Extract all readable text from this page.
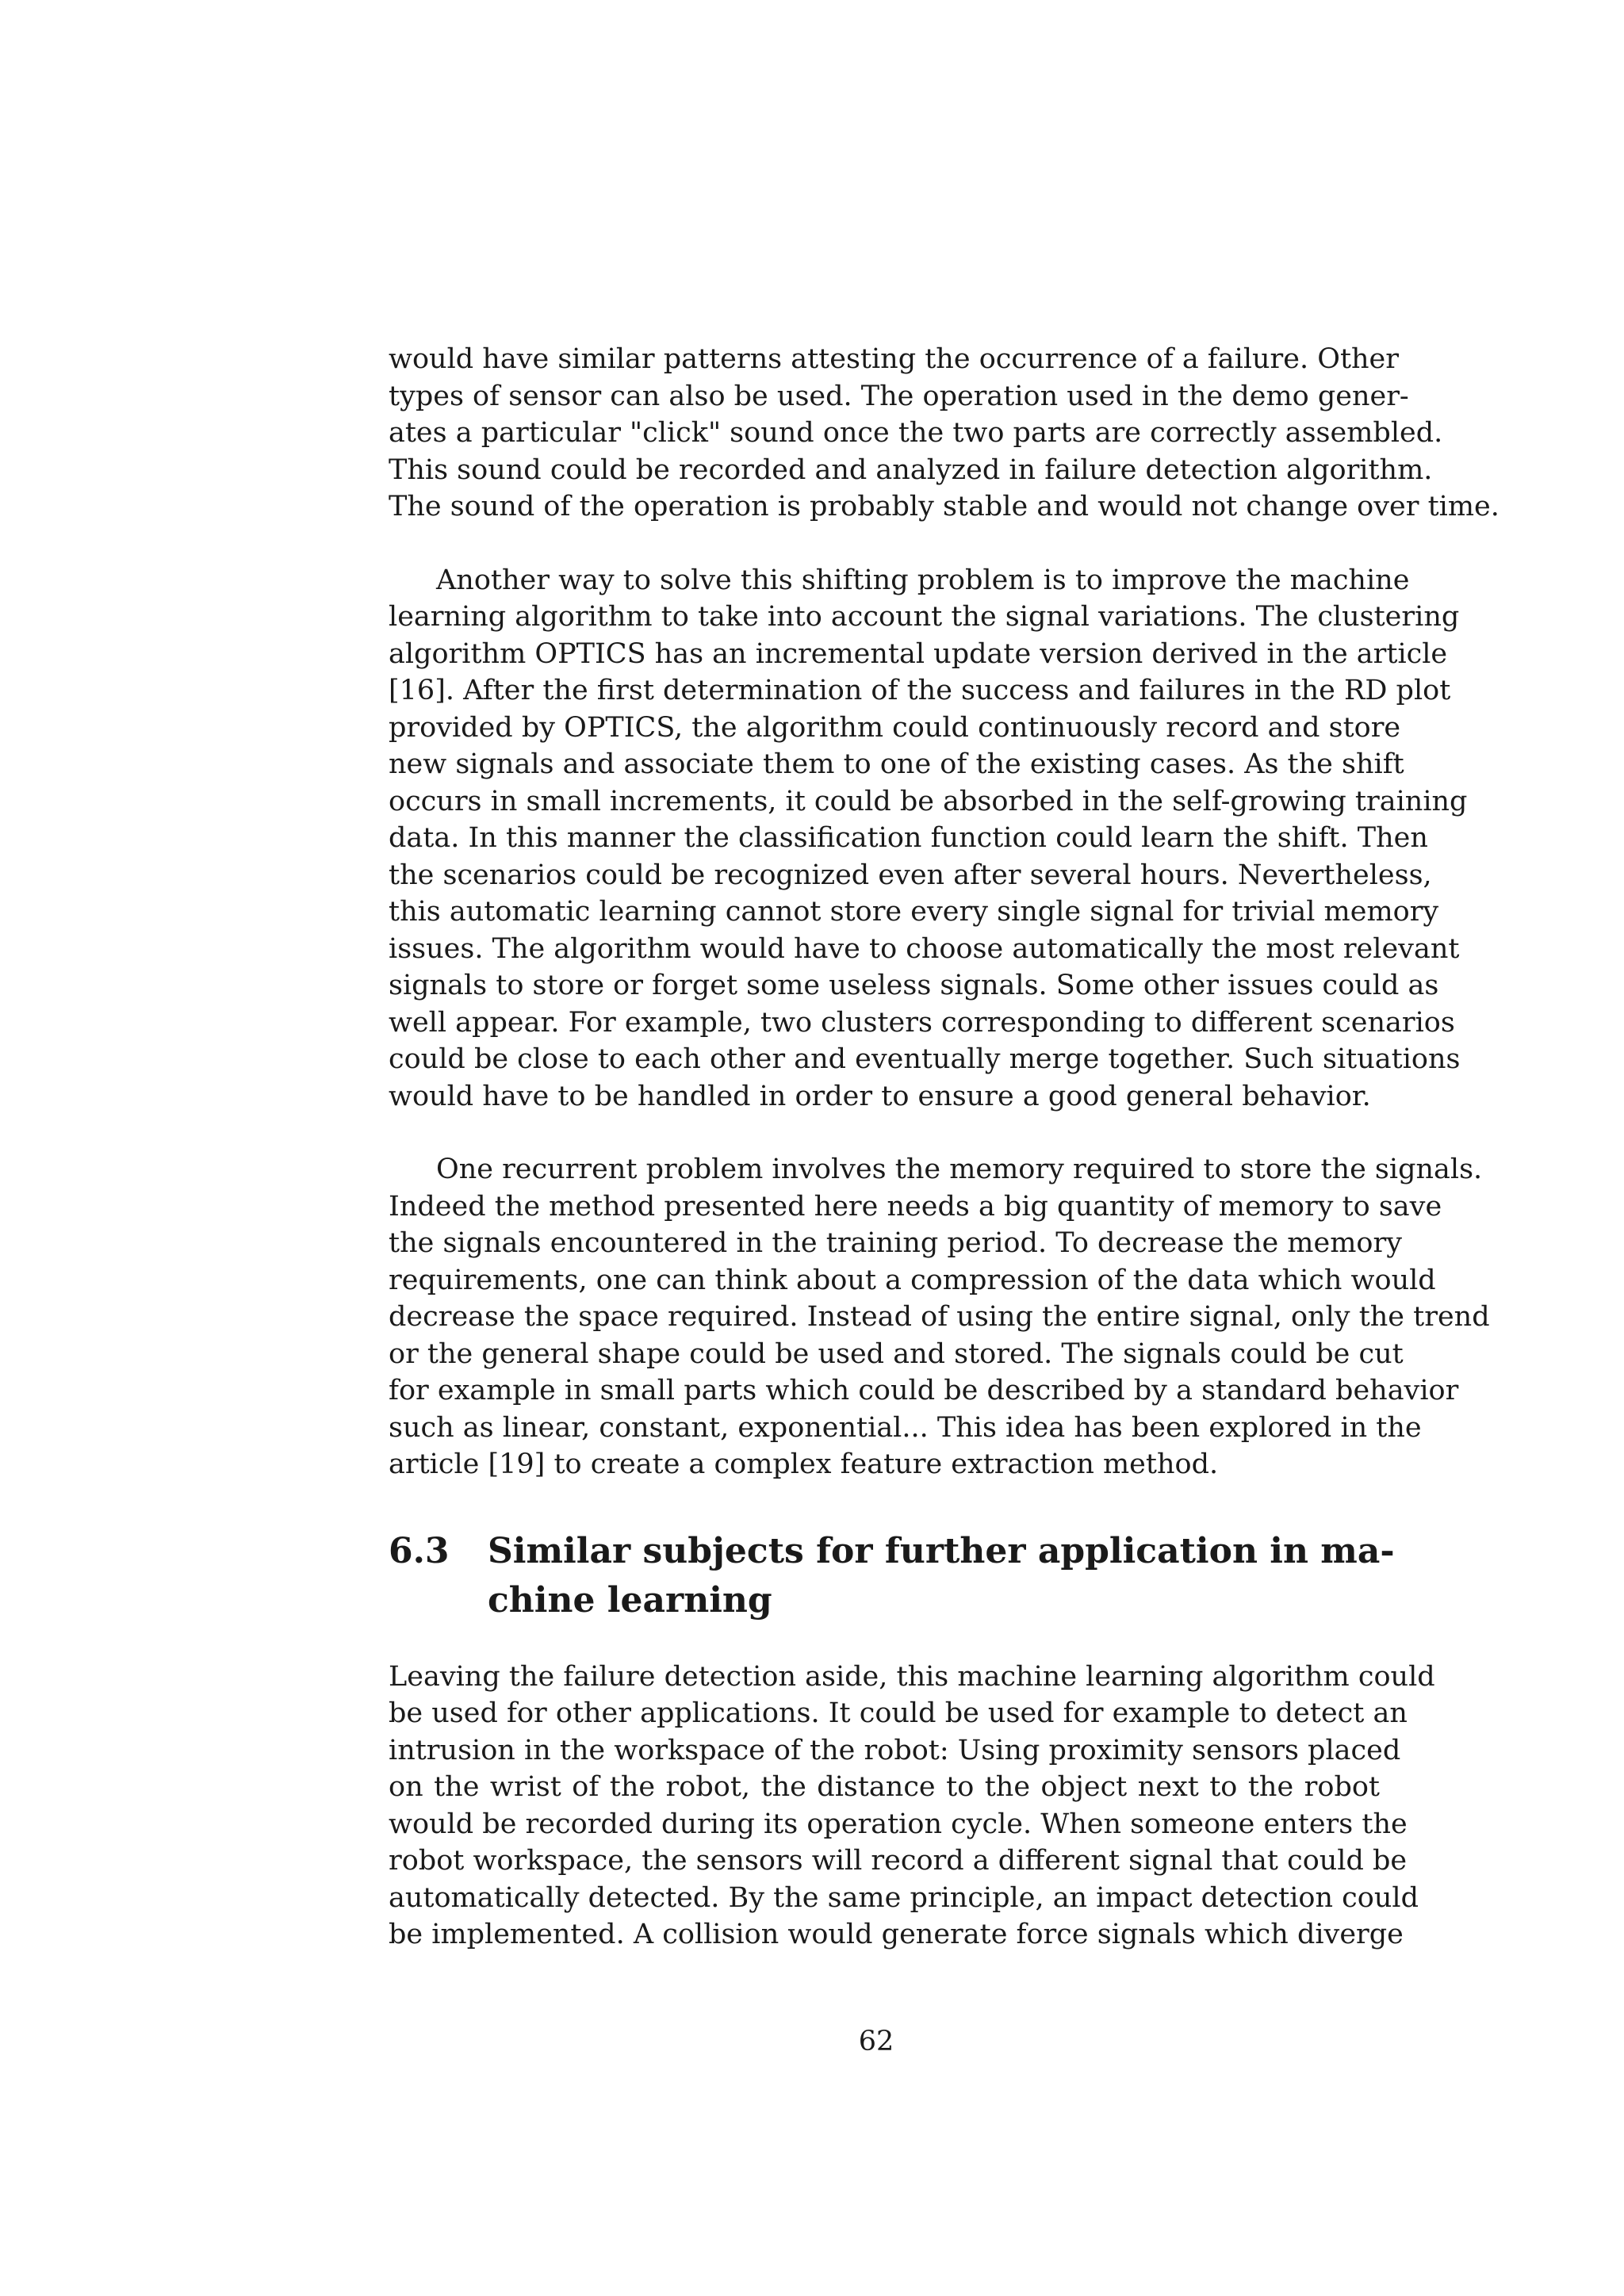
would have similar patterns attesting the occurrence of a failure. Other
types of sensor can also be used. The operation used in the demo gener-
ates a particular "click" sound once the two parts are correctly assembled.
This sound could be recorded and analyzed in failure detection algorithm.
The sound of the operation is probably stable and would not change over time.
Another way to solve this shifting problem is to improve the machine
learning algorithm to take into account the signal variations. The clustering
algorithm OPTICS has an incremental update version derived in the article
[16]. After the first determination of the success and failures in the RD plot
provided by OPTICS, the algorithm could continuously record and store
new signals and associate them to one of the existing cases. As the shift
occurs in small increments, it could be absorbed in the self-growing training
data. In this manner the classification function could learn the shift. Then
the scenarios could be recognized even after several hours. Nevertheless,
this automatic learning cannot store every single signal for trivial memory
issues. The algorithm would have to choose automatically the most relevant
signals to store or forget some useless signals. Some other issues could as
well appear. For example, two clusters corresponding to different scenarios
could be close to each other and eventually merge together. Such situations
would have to be handled in order to ensure a good general behavior.
One recurrent problem involves the memory required to store the signals.
Indeed the method presented here needs a big quantity of memory to save
the signals encountered in the training period. To decrease the memory
requirements, one can think about a compression of the data which would
decrease the space required. Instead of using the entire signal, only the trend
or the general shape could be used and stored. The signals could be cut
for example in small parts which could be described by a standard behavior
such as linear, constant, exponential... This idea has been explored in the
article [19] to create a complex feature extraction method.
6.3 Similar subjects for further application in ma-
chine learning
Leaving the failure detection aside, this machine learning algorithm could
be used for other applications. It could be used for example to detect an
intrusion in the workspace of the robot: Using proximity sensors placed
on the wrist of the robot, the distance to the object next to the robot
would be recorded during its operation cycle. When someone enters the
robot workspace, the sensors will record a different signal that could be
automatically detected. By the same principle, an impact detection could
be implemented. A collision would generate force signals which diverge
62
